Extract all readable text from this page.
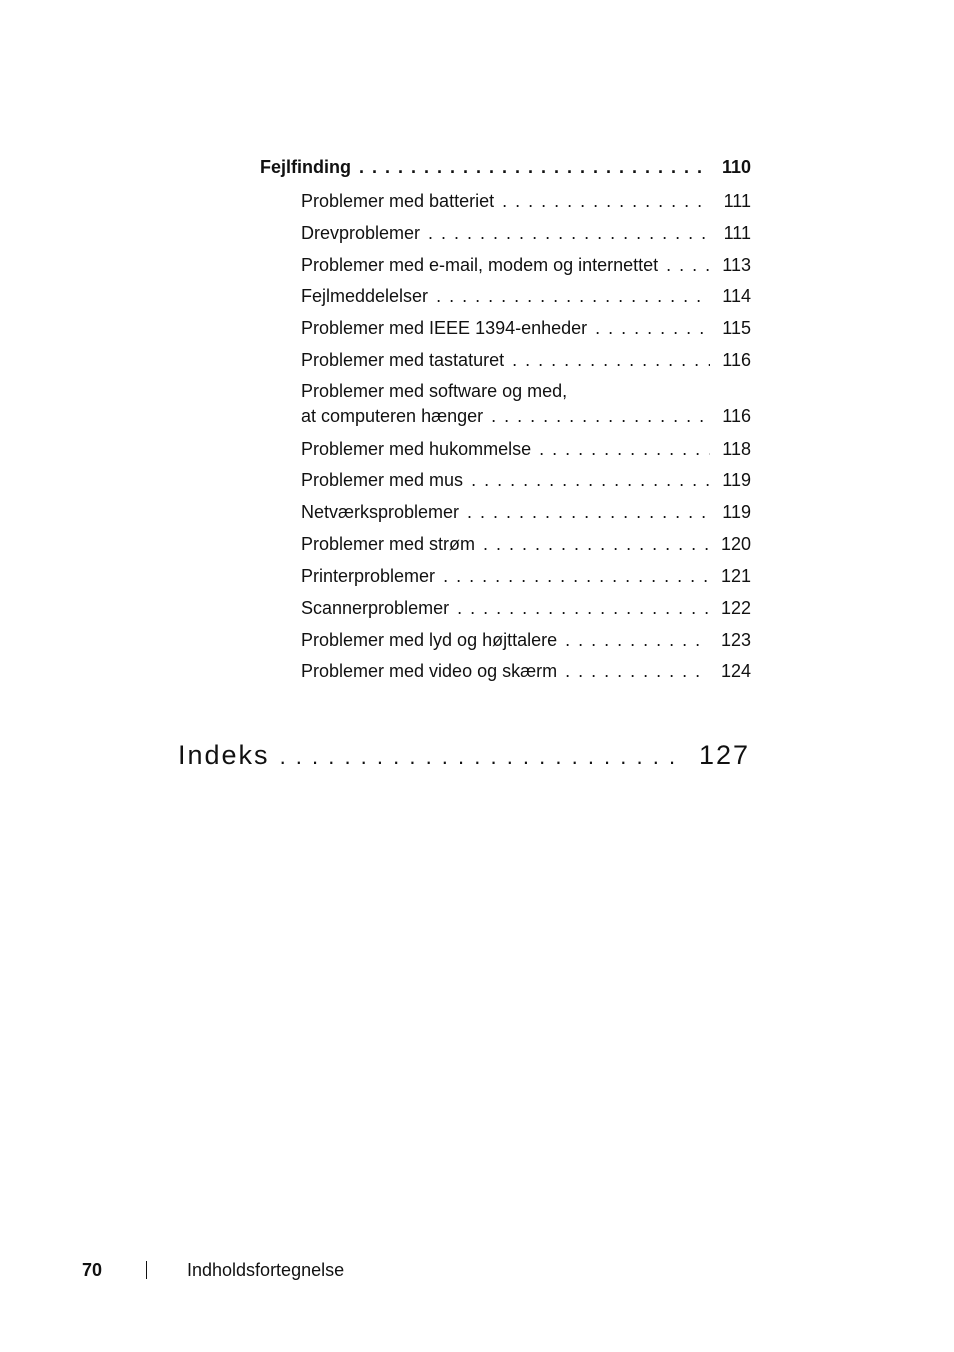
Fejlfinding . . .	110
Problemer med batteriet . . .	111
Drevproblemer . . .	111
Problemer med e-mail, modem og internettet . . .	113
Fejlmeddelelser . . .	114
Problemer med IEEE 1394-enheder . . .	115
Problemer med tastaturet . . .	116
Problemer med software og med,
at computeren hænger . . .	116
Problemer med hukommelse . . .	118
Problemer med mus . . .	119
Netværksproblemer . . .	119
Problemer med strøm . . .	120
Printerproblemer . . .	121
Scannerproblemer . . .	122
Problemer med lyd og højttalere . . .	123
Problemer med video og skærm . . .	124
Indeks . . .	127
70	Indholdsfortegnelse
